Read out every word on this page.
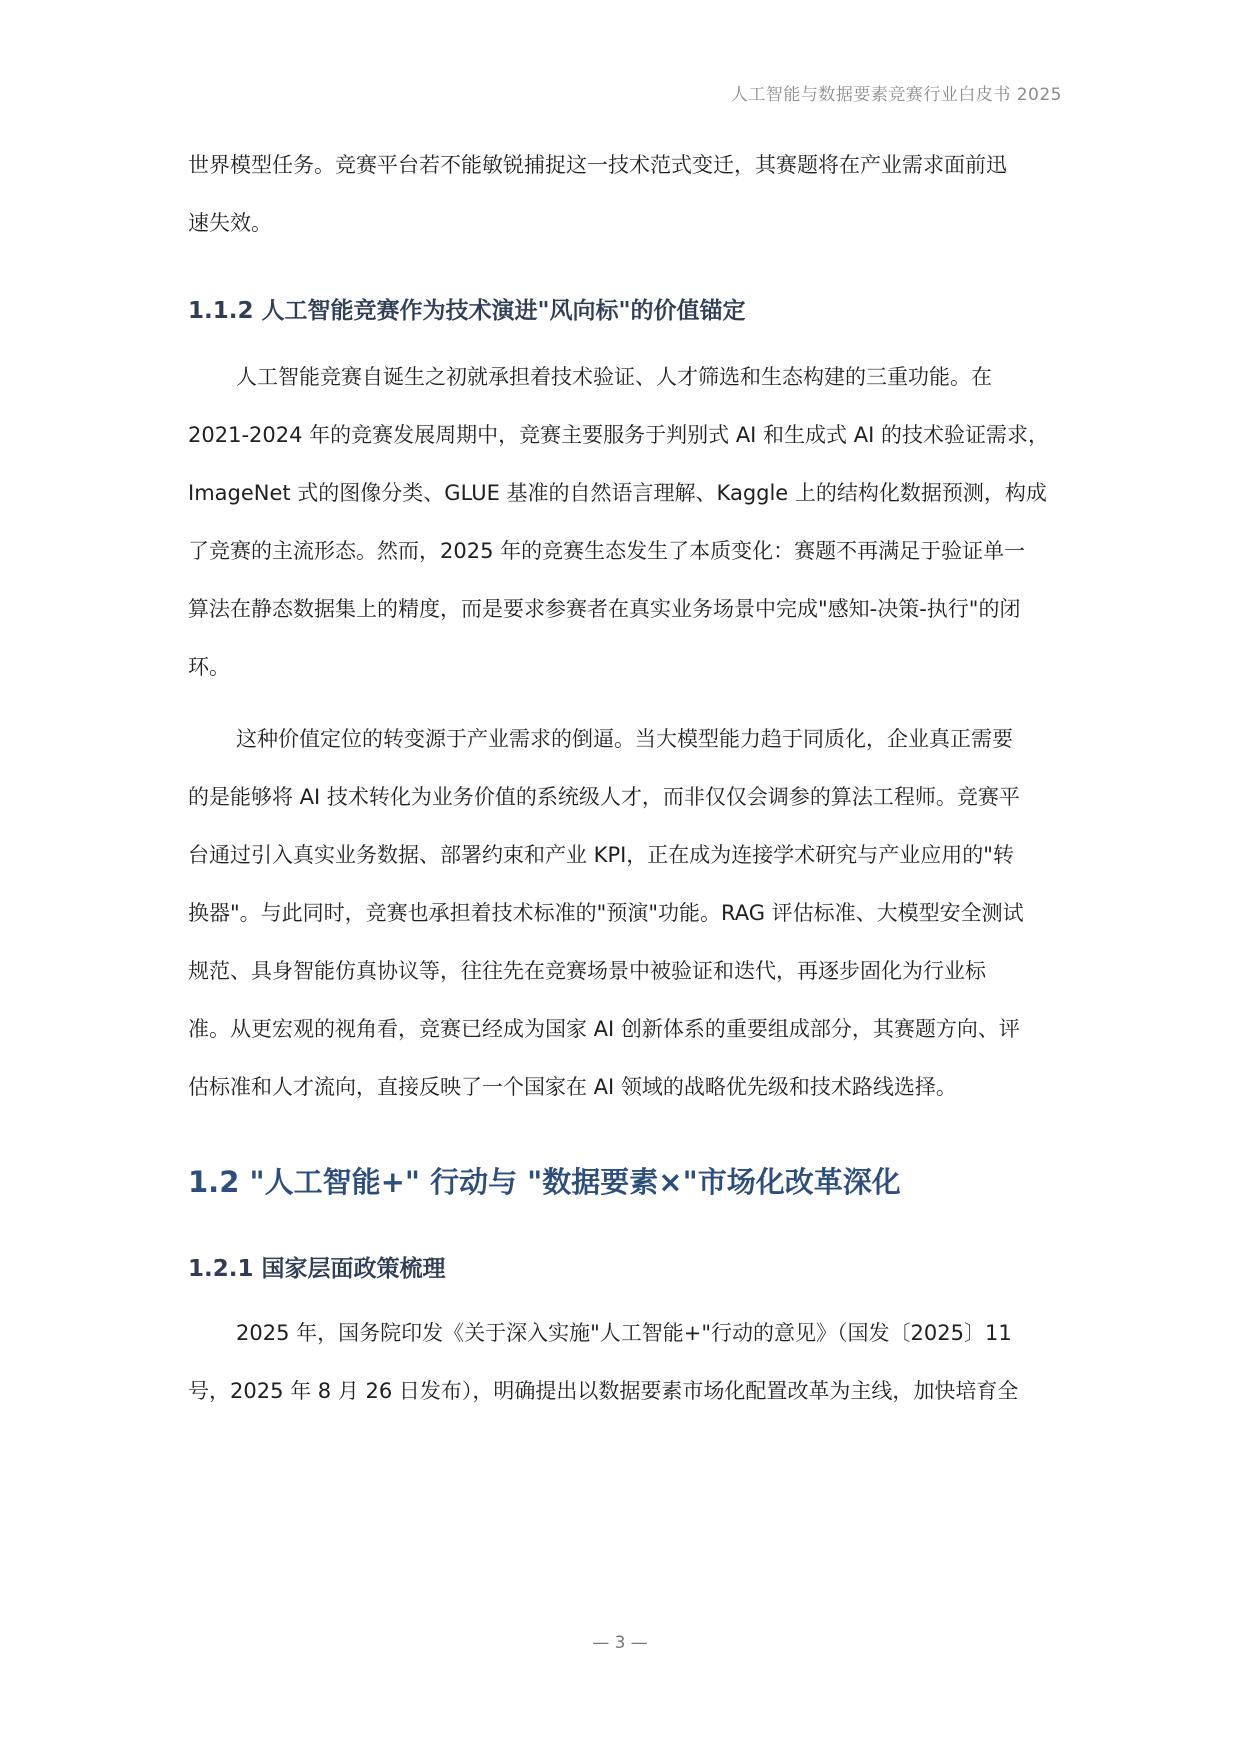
人工智能与数据要素竞赛行业白皮书 2025
世界模型任务。竞赛平台若不能敏锐捕捉这一技术范式变迁，其赛题将在产业需求面前迅
速失效。
1.1.2 人工智能竞赛作为技术演进"风向标"的价值锚定
人工智能竞赛自诞生之初就承担着技术验证、人才筛选和生态构建的三重功能。在
2021-2024 年的竞赛发展周期中，竞赛主要服务于判别式 AI 和生成式 AI 的技术验证需求，
ImageNet 式的图像分类、GLUE 基准的自然语言理解、Kaggle 上的结构化数据预测，构成
了竞赛的主流形态。然而，2025 年的竞赛生态发生了本质变化：赛题不再满足于验证单一
算法在静态数据集上的精度，而是要求参赛者在真实业务场景中完成"感知-决策-执行"的闭
环。
这种价值定位的转变源于产业需求的倒逼。当大模型能力趋于同质化，企业真正需要
的是能够将 AI 技术转化为业务价值的系统级人才，而非仅仅会调参的算法工程师。竞赛平
台通过引入真实业务数据、部署约束和产业 KPI，正在成为连接学术研究与产业应用的"转
换器"。与此同时，竞赛也承担着技术标准的"预演"功能。RAG 评估标准、大模型安全测试
规范、具身智能仿真协议等，往往先在竞赛场景中被验证和迭代，再逐步固化为行业标
准。从更宏观的视角看，竞赛已经成为国家 AI 创新体系的重要组成部分，其赛题方向、评
估标准和人才流向，直接反映了一个国家在 AI 领域的战略优先级和技术路线选择。
1.2 "人工智能+" 行动与 "数据要素×"市场化改革深化
1.2.1 国家层面政策梳理
2025 年，国务院印发《关于深入实施"人工智能+"行动的意见》（国发〔2025〕11
号，2025 年 8 月 26 日发布），明确提出以数据要素市场化配置改革为主线，加快培育全
— 3 —
